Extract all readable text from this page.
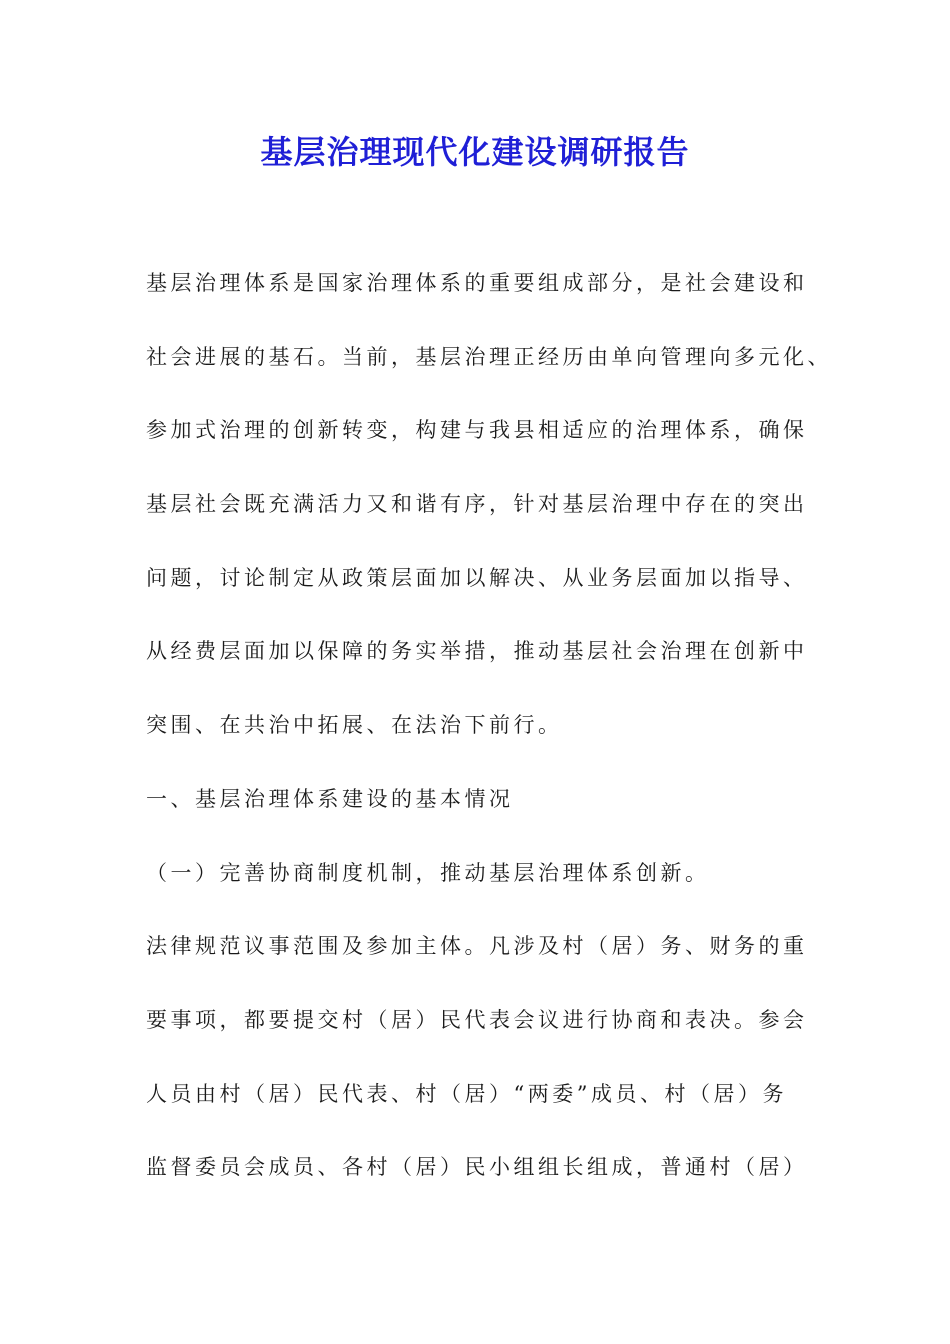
基层治理现代化建设调研报告

基层治理体系是国家治理体系的重要组成部分，是社会建设和

社会进展的基石。当前，基层治理正经历由单向管理向多元化、

参加式治理的创新转变，构建与我县相适应的治理体系，确保

基层社会既充满活力又和谐有序，针对基层治理中存在的突出

问题，讨论制定从政策层面加以解决、从业务层面加以指导、

从经费层面加以保障的务实举措，推动基层社会治理在创新中

突围、在共治中拓展、在法治下前行。

一、基层治理体系建设的基本情况

（一）完善协商制度机制，推动基层治理体系创新。

法律规范议事范围及参加主体。凡涉及村（居）务、财务的重

要事项，都要提交村（居）民代表会议进行协商和表决。参会

人员由村（居）民代表、村（居）“两委”成员、村（居）务

监督委员会成员、各村（居）民小组组长组成，普通村（居）
